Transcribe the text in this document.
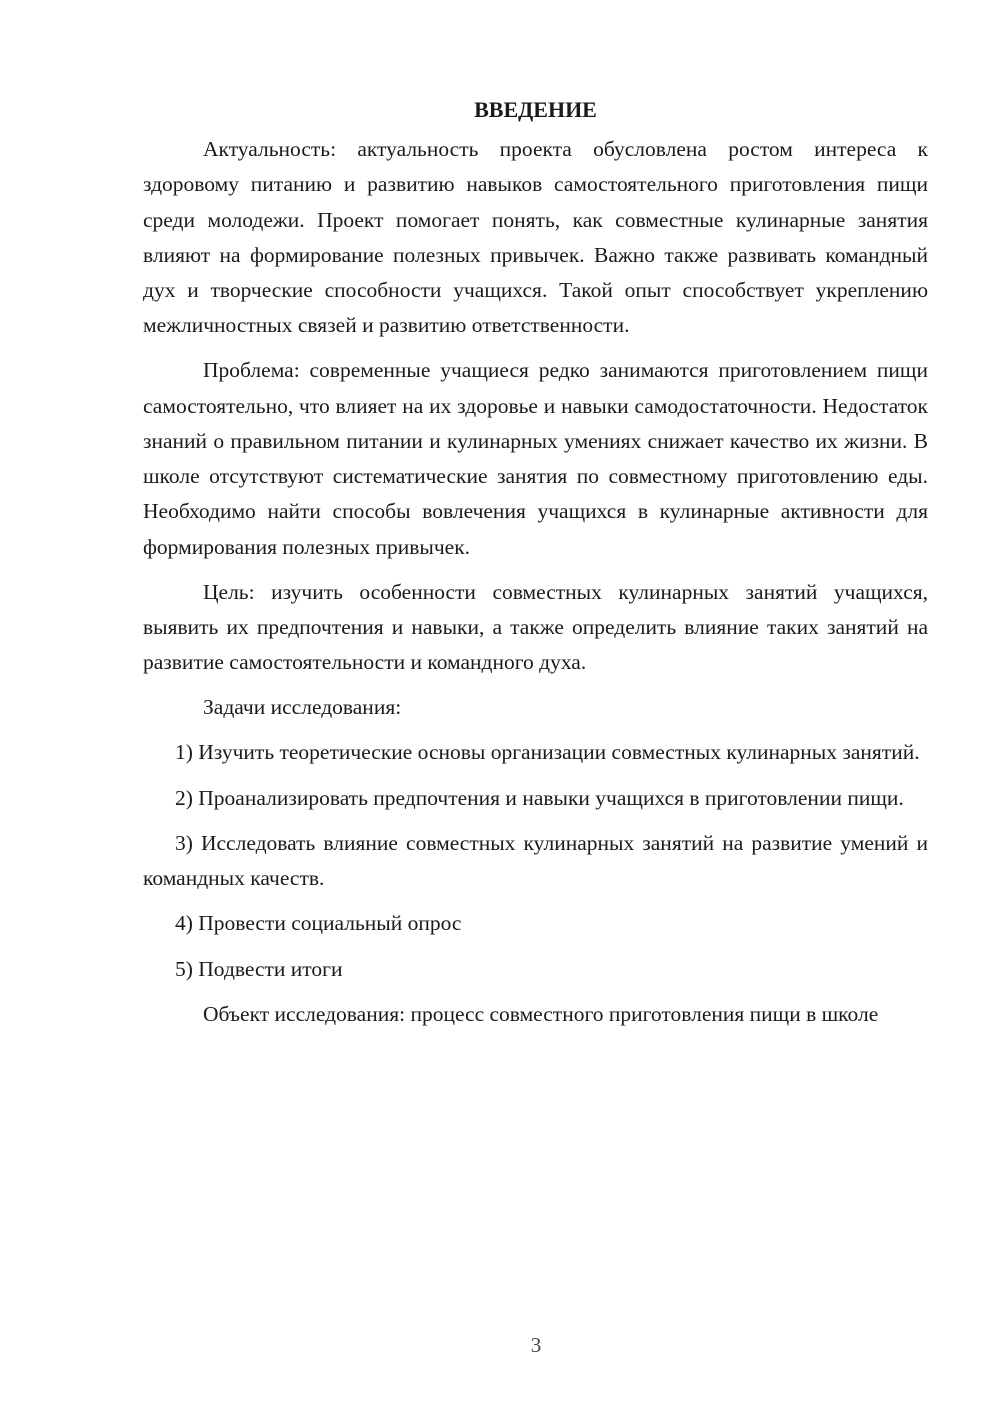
ВВЕДЕНИЕ

Актуальность: актуальность проекта обусловлена ростом интереса к здоровому питанию и развитию навыков самостоятельного приготовления пищи среди молодежи. Проект помогает понять, как совместные кулинарные занятия влияют на формирование полезных привычек. Важно также развивать командный дух и творческие способности учащихся. Такой опыт способствует укреплению межличностных связей и развитию ответственности.

Проблема: современные учащиеся редко занимаются приготовлением пищи самостоятельно, что влияет на их здоровье и навыки самодостаточности. Недостаток знаний о правильном питании и кулинарных умениях снижает качество их жизни. В школе отсутствуют систематические занятия по совместному приготовлению еды. Необходимо найти способы вовлечения учащихся в кулинарные активности для формирования полезных привычек.

Цель: изучить особенности совместных кулинарных занятий учащихся, выявить их предпочтения и навыки, а также определить влияние таких занятий на развитие самостоятельности и командного духа.

Задачи исследования:

1) Изучить теоретические основы организации совместных кулинарных занятий.

2) Проанализировать предпочтения и навыки учащихся в приготовлении пищи.

3) Исследовать влияние совместных кулинарных занятий на развитие умений и командных качеств.

4) Провести социальный опрос

5) Подвести итоги

Объект исследования: процесс совместного приготовления пищи в школе

3
